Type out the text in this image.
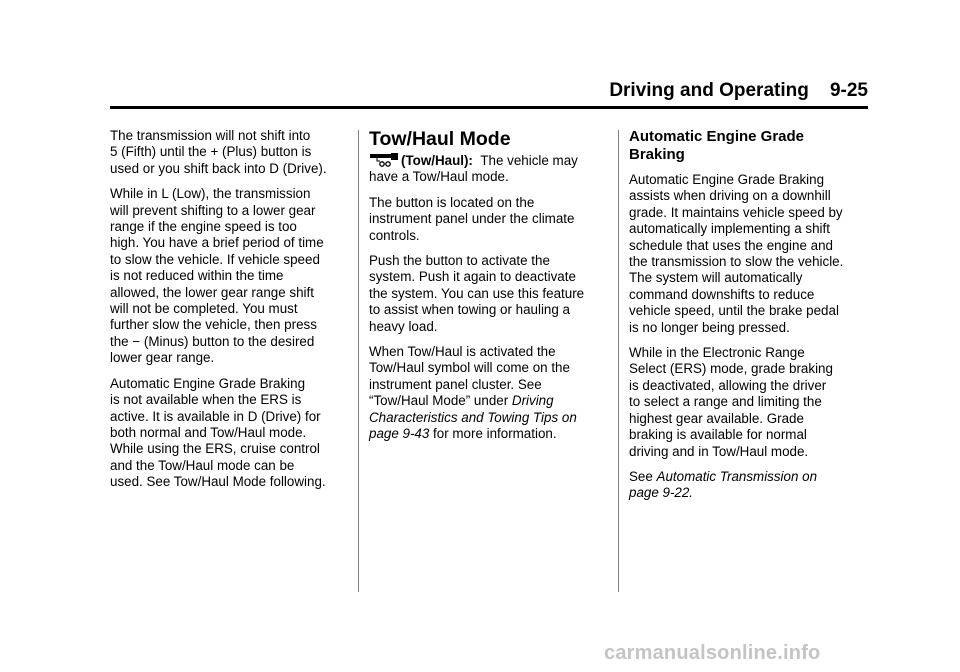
Driving and Operating 9-25

The transmission will not shift into
5 (Fifth) until the + (Plus) button is
used or you shift back into D (Drive).

While in L (Low), the transmission
will prevent shifting to a lower gear
range if the engine speed is too
high. You have a brief period of time
to slow the vehicle. If vehicle speed
is not reduced within the time
allowed, the lower gear range shift
will not be completed. You must
further slow the vehicle, then press
the − (Minus) button to the desired
lower gear range.

Automatic Engine Grade Braking
is not available when the ERS is
active. It is available in D (Drive) for
both normal and Tow/Haul mode.
While using the ERS, cruise control
and the Tow/Haul mode can be
used. See Tow/Haul Mode following.

Tow/Haul Mode

(Tow/Haul): The vehicle may
have a Tow/Haul mode.

The button is located on the
instrument panel under the climate
controls.

Push the button to activate the
system. Push it again to deactivate
the system. You can use this feature
to assist when towing or hauling a
heavy load.

When Tow/Haul is activated the
Tow/Haul symbol will come on the
instrument panel cluster. See
“Tow/Haul Mode” under Driving
Characteristics and Towing Tips on
page 9-43 for more information.

Automatic Engine Grade
Braking

Automatic Engine Grade Braking
assists when driving on a downhill
grade. It maintains vehicle speed by
automatically implementing a shift
schedule that uses the engine and
the transmission to slow the vehicle.
The system will automatically
command downshifts to reduce
vehicle speed, until the brake pedal
is no longer being pressed.

While in the Electronic Range
Select (ERS) mode, grade braking
is deactivated, allowing the driver
to select a range and limiting the
highest gear available. Grade
braking is available for normal
driving and in Tow/Haul mode.

See Automatic Transmission on
page 9-22.

carmanualsonline.info
